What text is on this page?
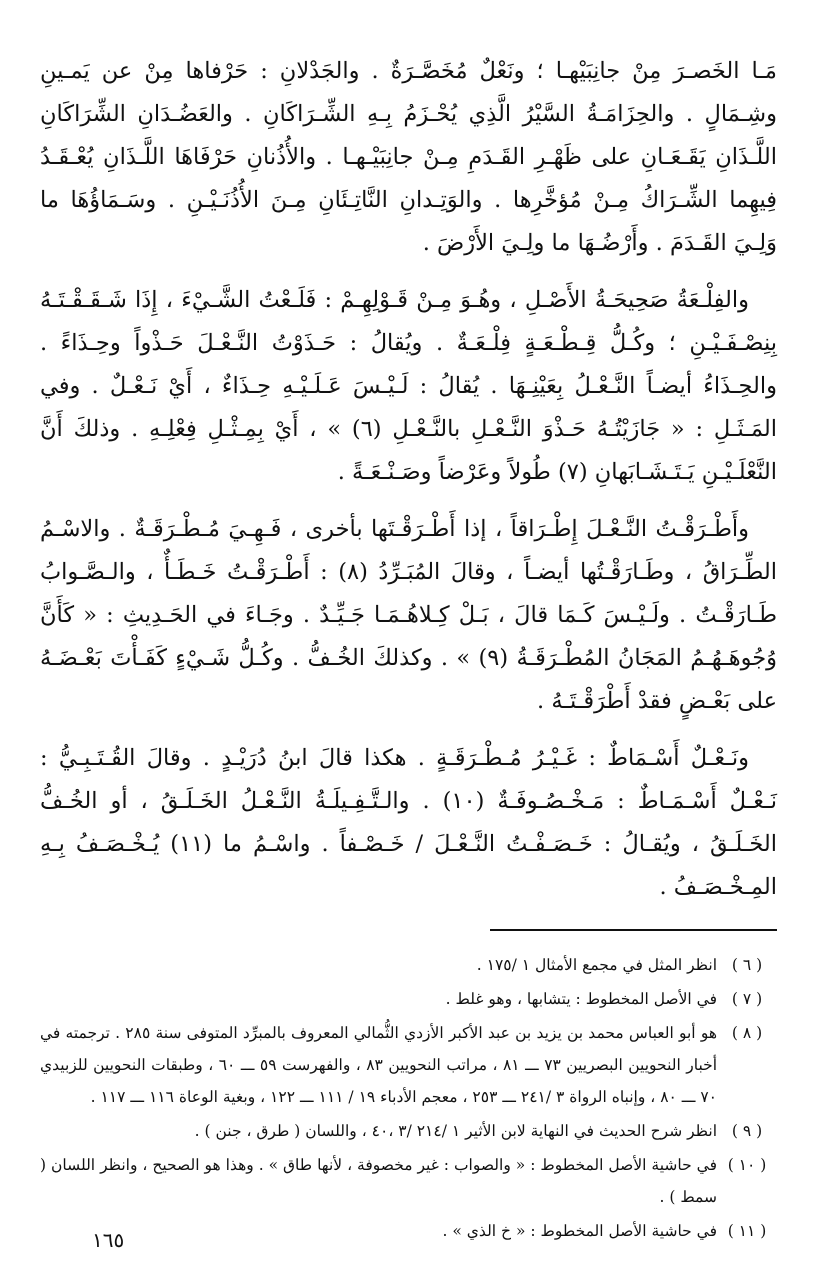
مَـا الخَصـرَ مِنْ جانِبَيْهـا ؛ ونَعْلٌ مُخَصَّـرَةٌ . والجَدْلانِ : حَرْفاها مِنْ عن يَمـينِ وشِـمَالٍ . والحِزَامَـةُ السَّيْرُ الَّذِي يُحْـزَمُ بِـهِ الشِّـرَاكَانِ . والعَضُـدَانِ الشِّرَاكَانِ اللَّـذَانِ يَقَـعَـانِ على ظَهْـرِ القَـدَمِ مِـنْ جانِبَيْـهـا . والأُذُنانِ حَرْفَاهَا اللَّـذَانِ يُعْـقَـدُ فِيهِما الشِّـرَاكُ مِـنْ مُؤخَّرِها . والوَتِـدانِ النَّاتِـئَانِ مِـنَ الأُذُنَـيْـنِ . وسَـمَاؤُهَا ما وَلِـيَ القَـدَمَ . وأَرْضُـهَا ما ولِـيَ الأَرْضَ .

والفِلْـعَةُ صَحِيحَـةُ الأَصْـلِ ، وهُـوَ مِـنْ قَـوْلِهِـمْ : فَلَـعْتُ الشَّـيْءَ ، إِذَا شَـقَـقْـتَـهُ بِنِصْـفَـيْـنِ ؛ وكُـلُّ قِـطْـعَـةٍ فِلْـعَـةٌ . ويُقالُ : حَـذَوْتُ النَّـعْـلَ حَـذْواً وحِـذَاءً . والحِـذَاءُ أيضـاً النَّـعْـلُ بِعَيْنِـهَا . يُقالُ : لَـيْـسَ عَـلَـيْـهِ حِـذَاءٌ ، أَيْ نَـعْـلٌ . وفي المَـثَـلِ : « جَازَيْتُـهُ حَـذْوَ النَّـعْـلِ بالنَّـعْـلِ (٦) » ، أَيْ بِمِـثْـلِ فِعْلِـهِ . وذلكَ أَنَّ النَّعْلَـيْـنِ يَـتَـشَـابَهانِ (٧) طُولاً وعَرْضاً وصَـنْـعَـةً .

وأَطْـرَقْـتُ النَّـعْـلَ إِطْـرَاقاً ، إذا أَطْـرَقْـتَها بأخرى ، فَـهِـيَ مُـطْـرَقَـةٌ . والاسْـمُ الطِّـرَاقُ ، وطَـارَقْـتُها أيضـاً ، وقالَ المُبَـرِّدُ (٨) : أَطْـرَقْـتُ خَـطَـأٌ ، والـصَّـوابُ طَـارَقْـتُ . ولَـيْـسَ كَـمَا قالَ ، بَـلْ كِـلاهُـمَـا جَـيِّـدٌ . وجَـاءَ في الحَـدِيثِ : « كَأَنَّ وُجُوهَـهُـمُ المَجَانُ المُطْـرَقَـةُ (٩) » . وكذلكَ الخُـفُّ . وكُـلُّ شَـيْءٍ كَفَـأْتَ بَعْـضَـهُ على بَعْـضٍ فقدْ أَطْرَقْـتَـهُ .

ونَـعْـلٌ أَسْـمَاطٌ : غَـيْـرُ مُـطْـرَقَـةٍ . هكذا قالَ ابنُ دُرَيْـدٍ . وقالَ القُـتَـبِـيُّ : نَـعْـلٌ أَسْـمَـاطٌ : مَـخْـصُـوفَـةٌ (١٠) . والـتَّـفِـيلَـةُ النَّـعْـلُ الخَـلَـقُ ، أو الخُـفُّ الخَـلَـقُ ، ويُقـالُ : خَـصَـفْـتُ النَّـعْـلَ / خَـصْـفاً . واسْـمُ ما (١١) يُـخْـصَـفُ بِـهِ المِـخْـصَـفُ .

( ٦ )
انظر المثل في مجمع الأمثال ١ /١٧٥ .
( ٧ )
في الأصل المخطوط : يتشابها ، وهو غلط .
( ٨ )
هو أبو العباس محمد بن يزيد بن عبد الأكبر الأزدي الثُّمالي المعروف بالمبرِّد المتوفى سنة ٢٨٥ . ترجمته في أخبار النحويين البصريين ٧٣ ـــ ٨١ ، مراتب النحويين ٨٣ ، والفهرست ٥٩ ـــ ٦٠ ، وطبقات النحويين للزبيدي ٧٠ ـــ ٨٠ ، وإنباه الرواة ٣ /٢٤١ ـــ ٢٥٣ ، معجم الأدباء ١٩ / ١١١ ـــ ١٢٢ ، وبغية الوعاة ١١٦ ـــ ١١٧ .
( ٩ )
انظر شرح الحديث في النهاية لابن الأثير ١ /٢١٤ /٣ ،٤٠ ، واللسان ( طرق ، جنن ) .
( ١٠ )
في حاشية الأصل المخطوط : « والصواب : غير مخصوفة ، لأنها طاق » . وهذا هو الصحيح ، وانظر اللسان ( سمط ) .
( ١١ )
في حاشية الأصل المخطوط : « خ الذي » .
١٦٥
